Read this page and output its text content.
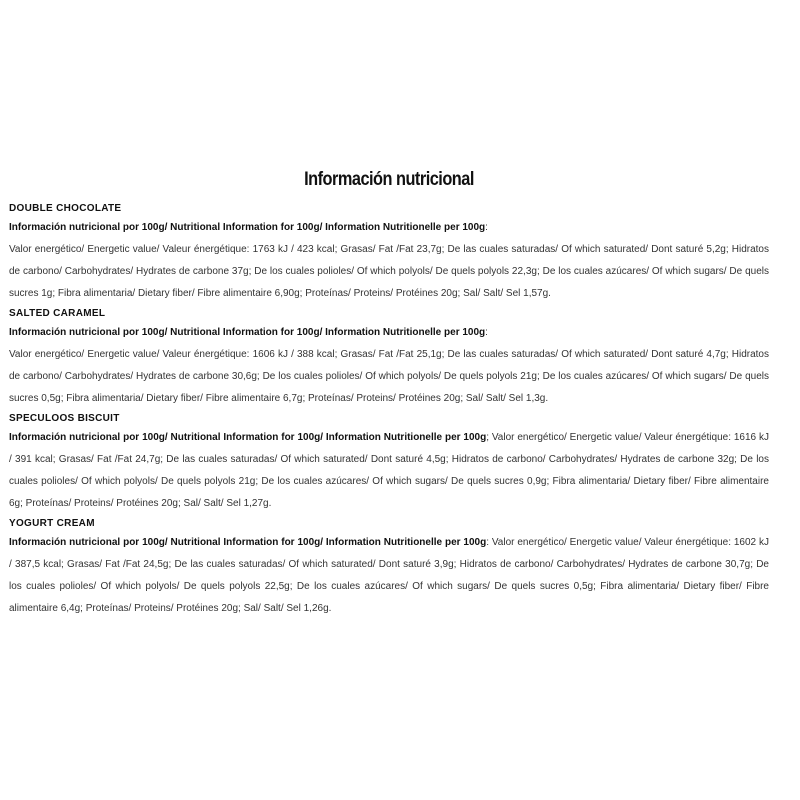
Información nutricional
DOUBLE CHOCOLATE

Información nutricional por 100g/ Nutritional Information for 100g/ Information Nutritionelle per 100g:

Valor energético/ Energetic value/ Valeur énergétique: 1763 kJ / 423 kcal; Grasas/ Fat /Fat 23,7g; De las cuales saturadas/ Of which saturated/ Dont saturé 5,2g; Hidratos de carbono/ Carbohydrates/ Hydrates de carbone 37g; De los cuales polioles/ Of which polyols/ De quels polyols 22,3g; De los cuales azúcares/ Of which sugars/ De quels sucres 1g; Fibra alimentaria/ Dietary fiber/ Fibre alimentaire 6,90g; Proteínas/ Proteins/ Protéines 20g; Sal/ Salt/ Sel 1,57g.

SALTED CARAMEL

Información nutricional por 100g/ Nutritional Information for 100g/ Information Nutritionelle per 100g:

Valor energético/ Energetic value/ Valeur énergétique: 1606 kJ / 388 kcal; Grasas/ Fat /Fat 25,1g; De las cuales saturadas/ Of which saturated/ Dont saturé 4,7g; Hidratos de carbono/ Carbohydrates/ Hydrates de carbone 30,6g; De los cuales polioles/ Of which polyols/ De quels polyols 21g; De los cuales azúcares/ Of which sugars/ De quels sucres 0,5g; Fibra alimentaria/ Dietary fiber/ Fibre alimentaire 6,7g; Proteínas/ Proteins/ Protéines 20g; Sal/ Salt/ Sel 1,3g.

SPECULOOS BISCUIT

Información nutricional por 100g/ Nutritional Information for 100g/ Information Nutritionelle per 100g; Valor energético/ Energetic value/ Valeur énergétique: 1616 kJ / 391 kcal; Grasas/ Fat /Fat 24,7g; De las cuales saturadas/ Of which saturated/ Dont saturé 4,5g; Hidratos de carbono/ Carbohydrates/ Hydrates de carbone 32g; De los cuales polioles/ Of which polyols/ De quels polyols 21g; De los cuales azúcares/ Of which sugars/ De quels sucres 0,9g; Fibra alimentaria/ Dietary fiber/ Fibre alimentaire 6g; Proteínas/ Proteins/ Protéines 20g; Sal/ Salt/ Sel 1,27g.

YOGURT CREAM

Información nutricional por 100g/ Nutritional Information for 100g/ Information Nutritionelle per 100g: Valor energético/ Energetic value/ Valeur énergétique: 1602 kJ / 387,5 kcal; Grasas/ Fat /Fat 24,5g; De las cuales saturadas/ Of which saturated/ Dont saturé 3,9g; Hidratos de carbono/ Carbohydrates/ Hydrates de carbone 30,7g; De los cuales polioles/ Of which polyols/ De quels polyols 22,5g; De los cuales azúcares/ Of which sugars/ De quels sucres 0,5g; Fibra alimentaria/ Dietary fiber/ Fibre alimentaire 6,4g; Proteínas/ Proteins/ Protéines 20g; Sal/ Salt/ Sel 1,26g.
